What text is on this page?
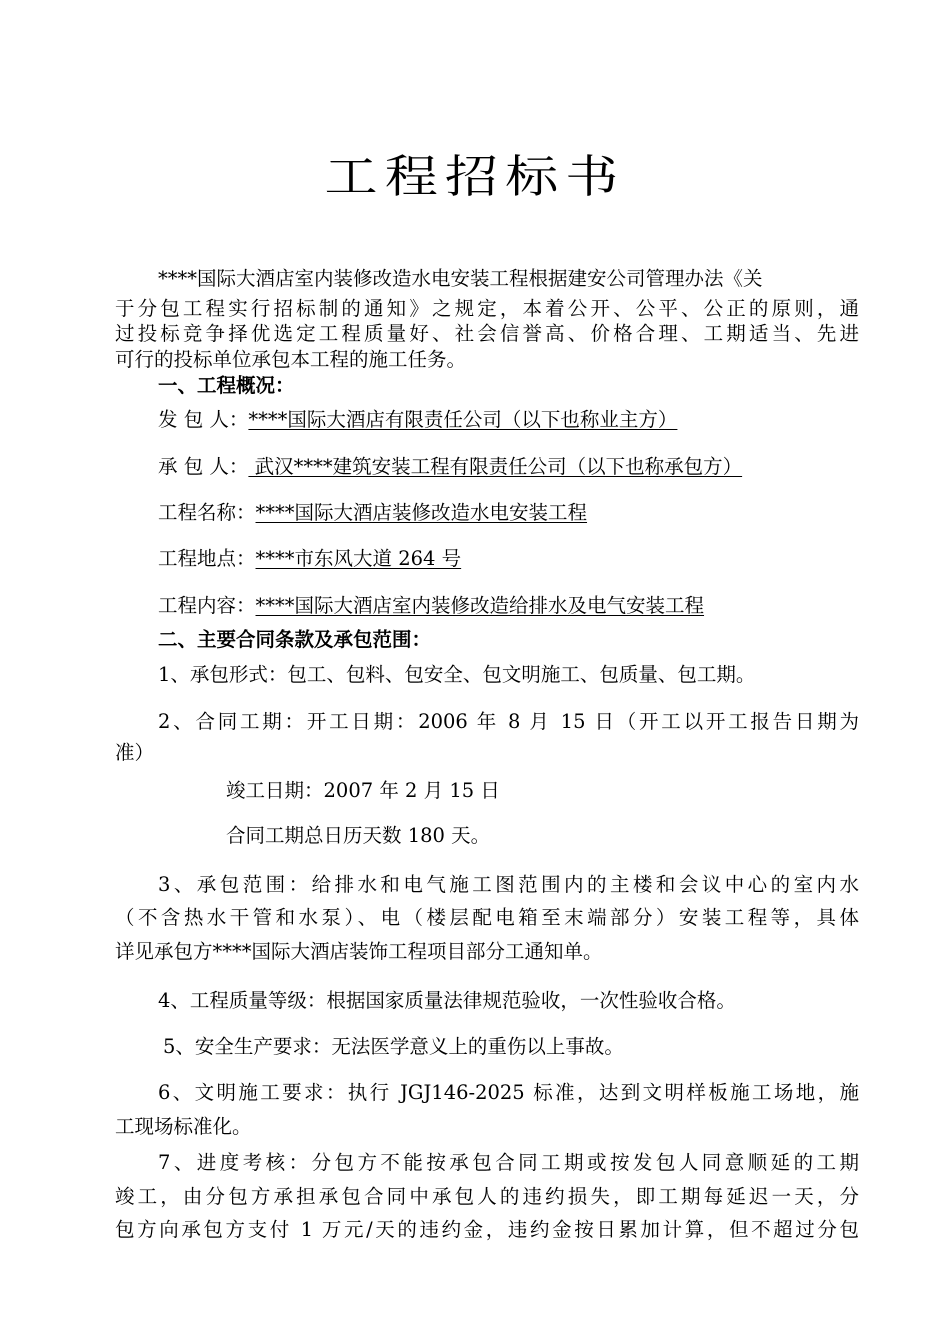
工程招标书
****国际大酒店室内装修改造水电安装工程根据建安公司管理办法《关
于分包工程实行招标制的通知》之规定，本着公开、公平、公正的原则，通
过投标竞争择优选定工程质量好、社会信誉高、价格合理、工期适当、先进
可行的投标单位承包本工程的施工任务。
一、工程概况：
发 包 人：****国际大酒店有限责任公司（以下也称业主方）
承 包 人： 武汉****建筑安装工程有限责任公司（以下也称承包方）
工程名称：****国际大酒店装修改造水电安装工程
工程地点：****市东风大道 264 号
工程内容：****国际大酒店室内装修改造给排水及电气安装工程
二、主要合同条款及承包范围：
1、承包形式：包工、包料、包安全、包文明施工、包质量、包工期。
2、合同工期：开工日期：2006 年 8 月 15 日（开工以开工报告日期为
准）
竣工日期：2007 年 2 月 15 日
合同工期总日历天数 180 天。
3、承包范围：给排水和电气施工图范围内的主楼和会议中心的室内水
（不含热水干管和水泵）、电（楼层配电箱至末端部分）安装工程等，具体
详见承包方****国际大酒店装饰工程项目部分工通知单。
4、工程质量等级：根据国家质量法律规范验收，一次性验收合格。
5、安全生产要求：无法医学意义上的重伤以上事故。
6、文明施工要求：执行 JGJ146-2025 标准，达到文明样板施工场地，施
工现场标准化。
7、进度考核：分包方不能按承包合同工期或按发包人同意顺延的工期
竣工，由分包方承担承包合同中承包人的违约损失，即工期每延迟一天，分
包方向承包方支付 1 万元/天的违约金，违约金按日累加计算，但不超过分包
